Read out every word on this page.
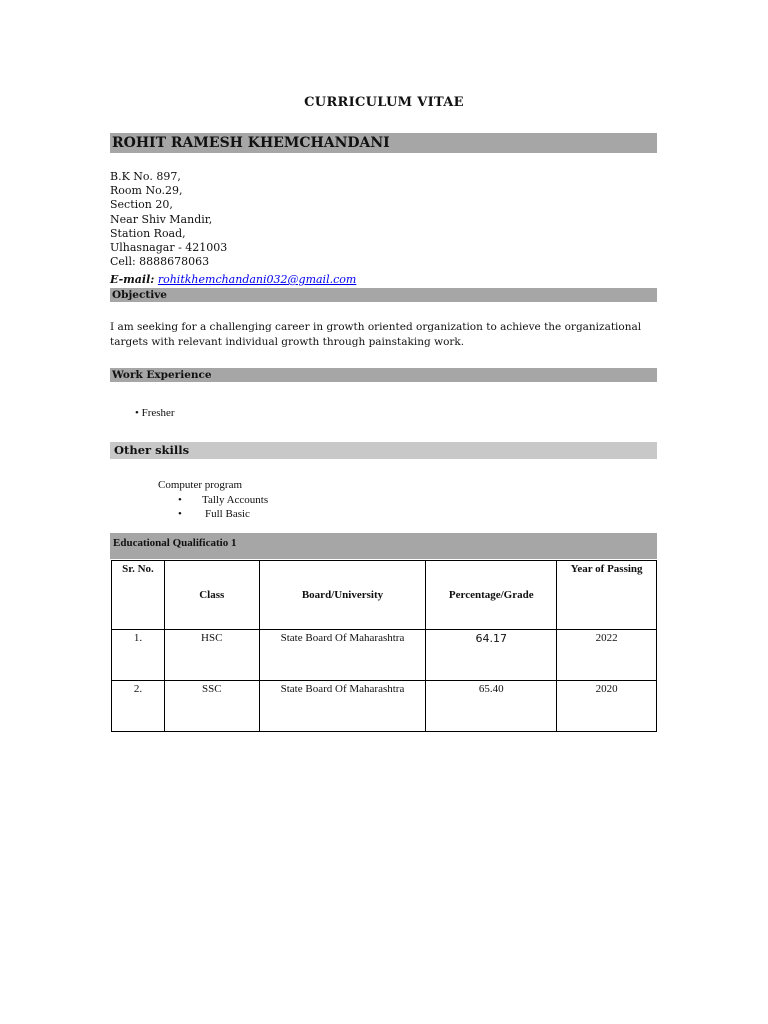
CURRICULUM VITAE
ROHIT RAMESH KHEMCHANDANI
B.K No. 897,
Room No.29,
Section 20,
Near Shiv Mandir,
Station Road,
Ulhasnagar - 421003
Cell: 8888678063
E-mail: rohitkhemchandani032@gmail.com
Objective
I am seeking for a challenging career in growth oriented organization to achieve the organizational targets with relevant individual growth through painstaking work.
Work Experience
• Fresher
Other skills
Computer program
• Tally Accounts
• Full Basic
Educational Qualificatio 1
Sr. No.	Class	Board/University	Percentage/Grade	Year of Passing
1.	HSC	State Board Of Maharashtra	64.17	2022
2.	SSC	State Board Of Maharashtra	65.40	2020
